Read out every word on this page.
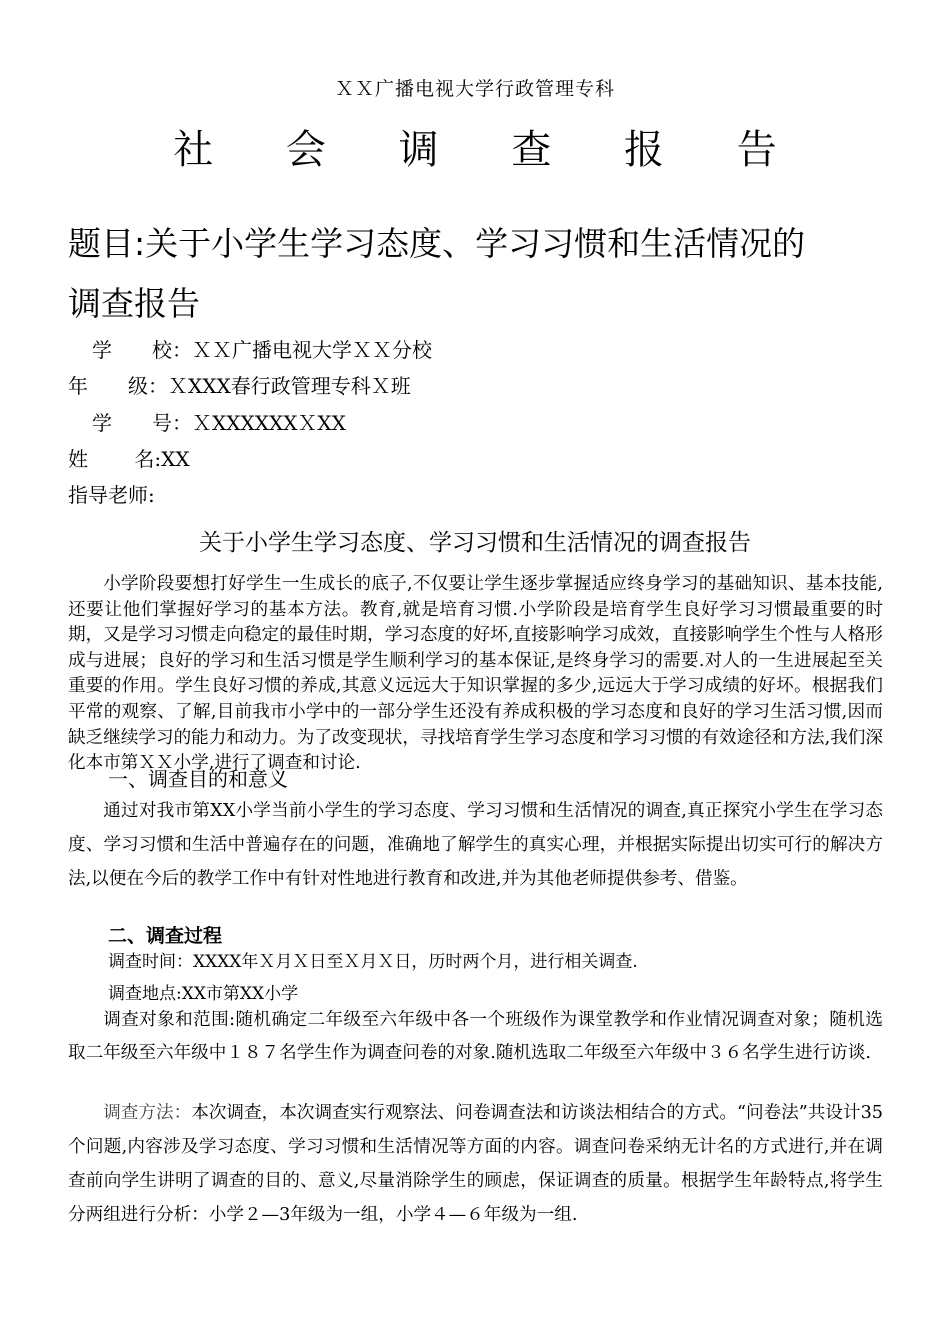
ＸＸ广播电视大学行政管理专科
社 会 调 查 报 告
题目:关于小学生学习态度、学习习惯和生活情况的
调查报告
学　　校：ＸＸ广播电视大学ＸＸ分校
年　　级：ＸXXX春行政管理专科Ｘ班
学　　号：ＸXXXXXXＸXX
姓　　 名:XX
指导老师:
关于小学生学习态度、学习习惯和生活情况的调查报告

小学阶段要想打好学生一生成长的底子,不仅要让学生逐步掌握适应终身学习的基础知识、基本技能,还要让他们掌握好学习的基本方法。教育,就是培育习惯.小学阶段是培育学生良好学习习惯最重要的时期，又是学习习惯走向稳定的最佳时期，学习态度的好坏,直接影响学习成效，直接影响学生个性与人格形成与进展；良好的学习和生活习惯是学生顺利学习的基本保证,是终身学习的需要.对人的一生进展起至关重要的作用。学生良好习惯的养成,其意义远远大于知识掌握的多少,远远大于学习成绩的好坏。根据我们平常的观察、了解,目前我市小学中的一部分学生还没有养成积极的学习态度和良好的学习生活习惯,因而缺乏继续学习的能力和动力。为了改变现状，寻找培育学生学习态度和学习习惯的有效途径和方法,我们深化本市第ＸＸ小学,进行了调查和讨论.

一、调查目的和意义

通过对我市第XX小学当前小学生的学习态度、学习习惯和生活情况的调查,真正探究小学生在学习态度、学习习惯和生活中普遍存在的问题，准确地了解学生的真实心理，并根据实际提出切实可行的解决方法,以便在今后的教学工作中有针对性地进行教育和改进,并为其他老师提供参考、借鉴。

二、调查过程
调查时间：XXXX年Ｘ月Ｘ日至Ｘ月Ｘ日，历时两个月，进行相关调查.
调查地点:XX市第XX小学

调查对象和范围:随机确定二年级至六年级中各一个班级作为课堂教学和作业情况调查对象；随机选取二年级至六年级中１８７名学生作为调查问卷的对象.随机选取二年级至六年级中３６名学生进行访谈.

调查方法：本次调查，本次调查实行观察法、问卷调查法和访谈法相结合的方式。“问卷法”共设计35个问题,内容涉及学习态度、学习习惯和生活情况等方面的内容。调查问卷采纳无计名的方式进行,并在调查前向学生讲明了调查的目的、意义,尽量消除学生的顾虑，保证调查的质量。根据学生年龄特点,将学生分两组进行分析：小学２—3年级为一组，小学４—６年级为一组.
